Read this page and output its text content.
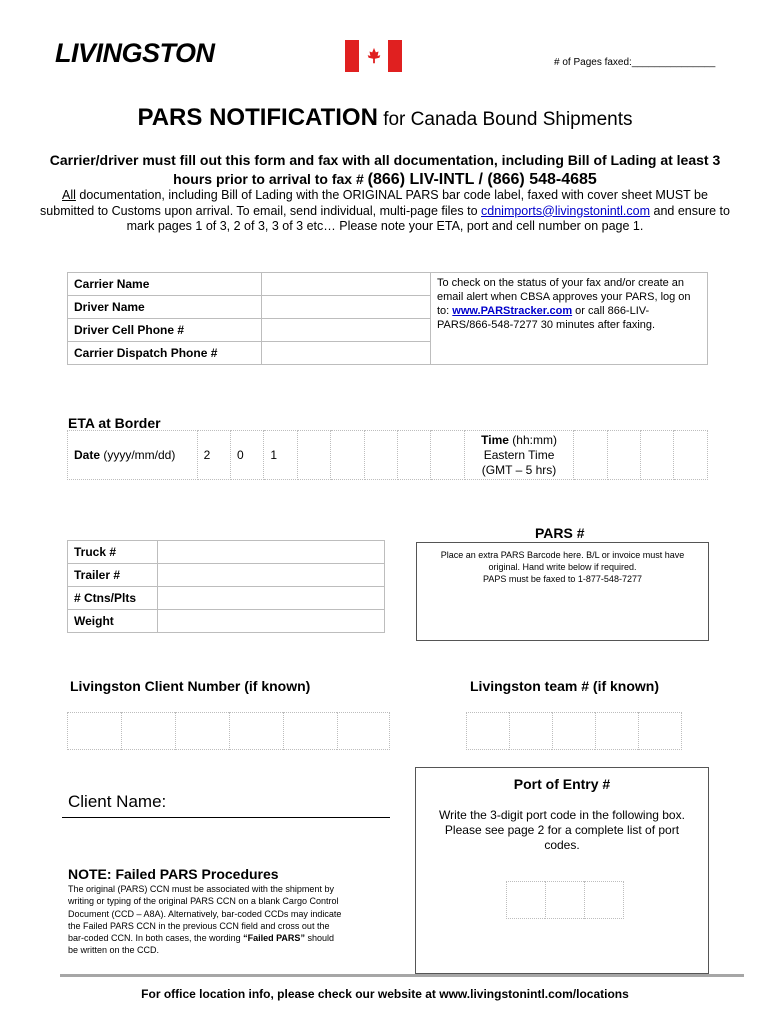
LIVINGSTON	# of Pages faxed:_______________
PARS NOTIFICATION for Canada Bound Shipments
Carrier/driver must fill out this form and fax with all documentation, including Bill of Lading at least 3 hours prior to arrival to fax # (866) LIV-INTL / (866) 548-4685
All documentation, including Bill of Lading with the ORIGINAL PARS bar code label, faxed with cover sheet MUST be submitted to Customs upon arrival. To email, send individual, multi-page files to cdnimports@livingstonintl.com and ensure to mark pages 1 of 3, 2 of 3, 3 of 3 etc… Please note your ETA, port and cell number on page 1.
Carrier Name		To check on the status of your fax and/or create an email alert when CBSA approves your PARS, log on to: www.PARStracker.com or call 866-LIV-PARS/866-548-7277 30 minutes after faxing.
Driver Name		
Driver Cell Phone #		
Carrier Dispatch Phone #		
ETA at Border
Date (yyyy/mm/dd)	2	0	1						Time (hh:mm)
Eastern Time
(GMT – 5 hrs)				
PARS #
Truck #	
Trailer #	
# Ctns/Plts	
Weight	
Place an extra PARS Barcode here. B/L or invoice must have original. Hand write below if required.
PAPS must be faxed to 1-877-548-7277
Livingston Client Number (if known)	Livingston team # (if known)
Client Name:
Port of Entry #
Write the 3-digit port code in the following box. Please see page 2 for a complete list of port codes.
NOTE: Failed PARS Procedures
The original (PARS) CCN must be associated with the shipment by writing or typing of the original PARS CCN on a blank Cargo Control Document (CCD – A8A). Alternatively, bar-coded CCDs may indicate the Failed PARS CCN in the previous CCN field and cross out the bar-coded CCN. In both cases, the wording “Failed PARS” should be written on the CCD.
For office location info, please check our website at www.livingstonintl.com/locations
